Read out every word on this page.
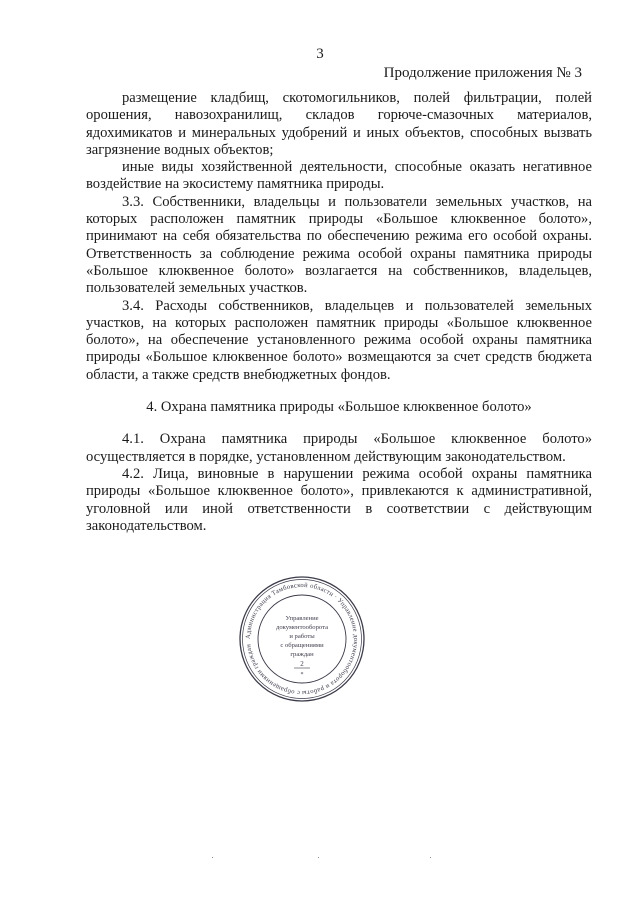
3
Продолжение приложения № 3

размещение кладбищ, скотомогильников, полей фильтрации, полей орошения, навозохранилищ, складов горюче-смазочных материалов, ядохимикатов и минеральных удобрений и иных объектов, способных вызвать загрязнение водных объектов;

иные виды хозяйственной деятельности, способные оказать негативное воздействие на экосистему памятника природы.

3.3. Собственники, владельцы и пользователи земельных участков, на которых расположен памятник природы «Большое клюквенное болото», принимают на себя обязательства по обеспечению режима его особой охраны. Ответственность за соблюдение режима особой охраны памятника природы «Большое клюквенное болото» возлагается на собственников, владельцев, пользователей земельных участков.

3.4. Расходы собственников, владельцев и пользователей земельных участков, на которых расположен памятник природы «Большое клюквенное болото», на обеспечение установленного режима особой охраны памятника природы «Большое клюквенное болото» возмещаются за счет средств бюджета области, а также средств внебюджетных фондов.

4. Охрана памятника природы «Большое клюквенное болото»

4.1. Охрана памятника природы «Большое клюквенное болото» осуществляется в порядке, установленном действующим законодательством.

4.2. Лица, виновные в нарушении режима особой охраны памятника природы «Большое клюквенное болото», привлекаются к административной, уголовной или иной ответственности в соответствии с действующим законодательством.

Администрация Тамбовской области · Управление документооборота и работы с обращениями граждан
Управление
документооборота
и работы
с обращениями
граждан
2
*
